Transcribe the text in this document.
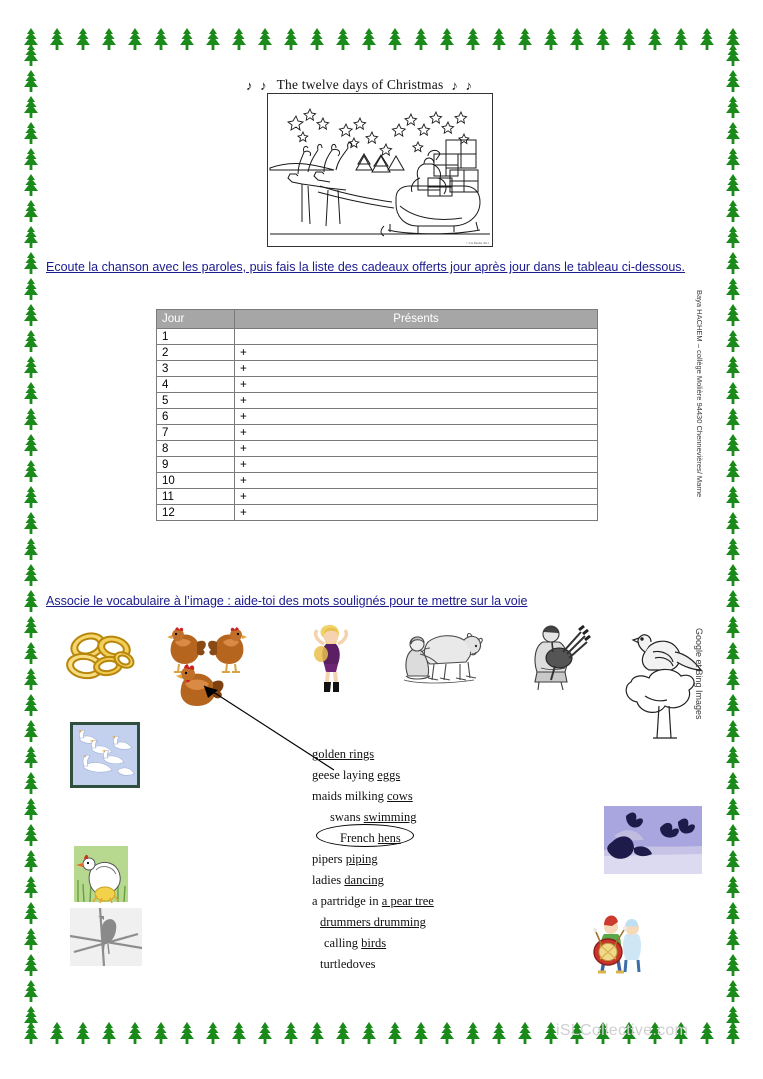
♪ ♪ The twelve days of Christmas ♪ ♪
© Liz Bennet 2011
Ecoute la chanson avec les paroles, puis fais la liste des cadeaux offerts jour après jour dans le tableau ci-dessous.
Jour	Présents
1	
2	+
3	+
4	+
5	+
6	+
7	+
8	+
9	+
10	+
11	+
12	+
Associe le vocabulaire à l’image : aide-toi des mots soulignés pour te mettre sur la voie
golden rings
geese laying eggs
maids milking cows
swans swimming
French hens
pipers piping
ladies dancing
a partridge in a pear tree
drummers drumming
calling birds
turtledoves
Baya HACHEM – collège Molière 94430 Chennevières/ Marne
Google et Bing Images
iSLCollective.com
